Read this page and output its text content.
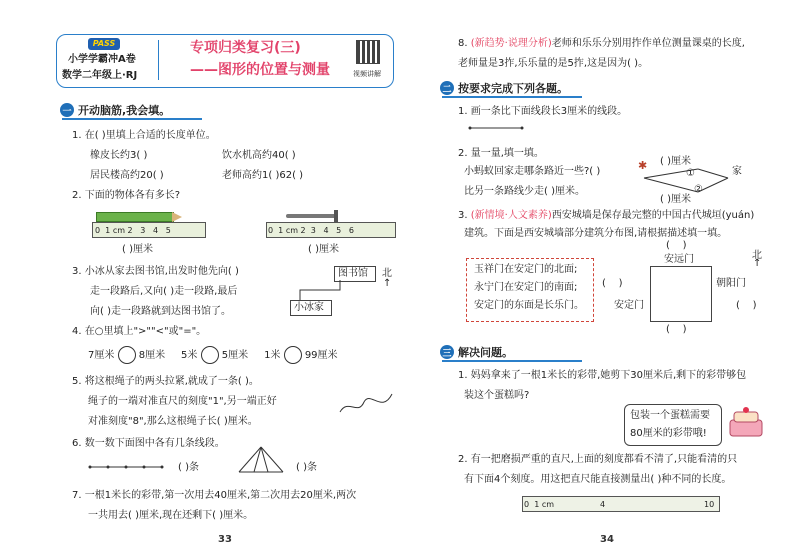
PASS
小学学霸冲A卷
数学二年级上·RJ
专项归类复习(三)
——图形的位置与测量	视频讲解
一 开动脑筋,我会填。
1. 在( )里填上合适的长度单位。
橡皮长约3( )	饮水机高约40( )
居民楼高约20( )	老师高约1( )62( )
2. 下面的物体各有多长?
0  1 cm 2   3   4   5
( )厘米
0  1 cm 2  3   4   5   6
( )厘米
3. 小冰从家去图书馆,出发时他先向( )
走一段路后,又向( )走一段路,最后
向( )走一段路就到达图书馆了。
图书馆 北
↑
小冰家
4. 在○里填上">""<"或"="。
7厘米 8厘米 5米 5厘米 1米 99厘米
5. 将这根绳子的两头拉紧,就成了一条( )。
绳子的一端对准直尺的刻度"1",另一端正好
对准刻度"8",那么这根绳子长( )厘米。
6. 数一数下面图中各有几条线段。
( )条	( )条
7. 一根1米长的彩带,第一次用去40厘米,第二次用去20厘米,两次
一共用去( )厘米,现在还剩下( )厘米。
33
8. (新趋势·说理分析)老师和乐乐分别用拃作单位测量课桌的长度,
老师量是3拃,乐乐量的是5拃,这是因为( )。
二 按要求完成下列各题。
1. 画一条比下面线段长3厘米的线段。
2. 量一量,填一填。
小蚂蚁回家走哪条路近一些?( )
比另一条路线少走( )厘米。
( )厘米
( )厘米
✱
①
②
家
3. (新情境·人文素养)西安城墙是保存最完整的中国古代城垣(yuán)
建筑。下面是西安城墙部分建筑分布图,请根据描述填一填。
玉祥门在安定门的北面;
永宁门在安定门的南面;
安定门的东面是长乐门。
安远门
安定门
朝阳门
(    )
(    )
(    )
(    )
北
↑
三 解决问题。
1. 妈妈拿来了一根1米长的彩带,她剪下30厘米后,剩下的彩带够包
装这个蛋糕吗?
包装一个蛋糕需要
80厘米的彩带哦!
2. 有一把磨损严重的直尺,上面的刻度都看不清了,只能看清的只
有下面4个刻度。用这把直尺能直接测量出( )种不同的长度。
0 1 cm	4	10
34
